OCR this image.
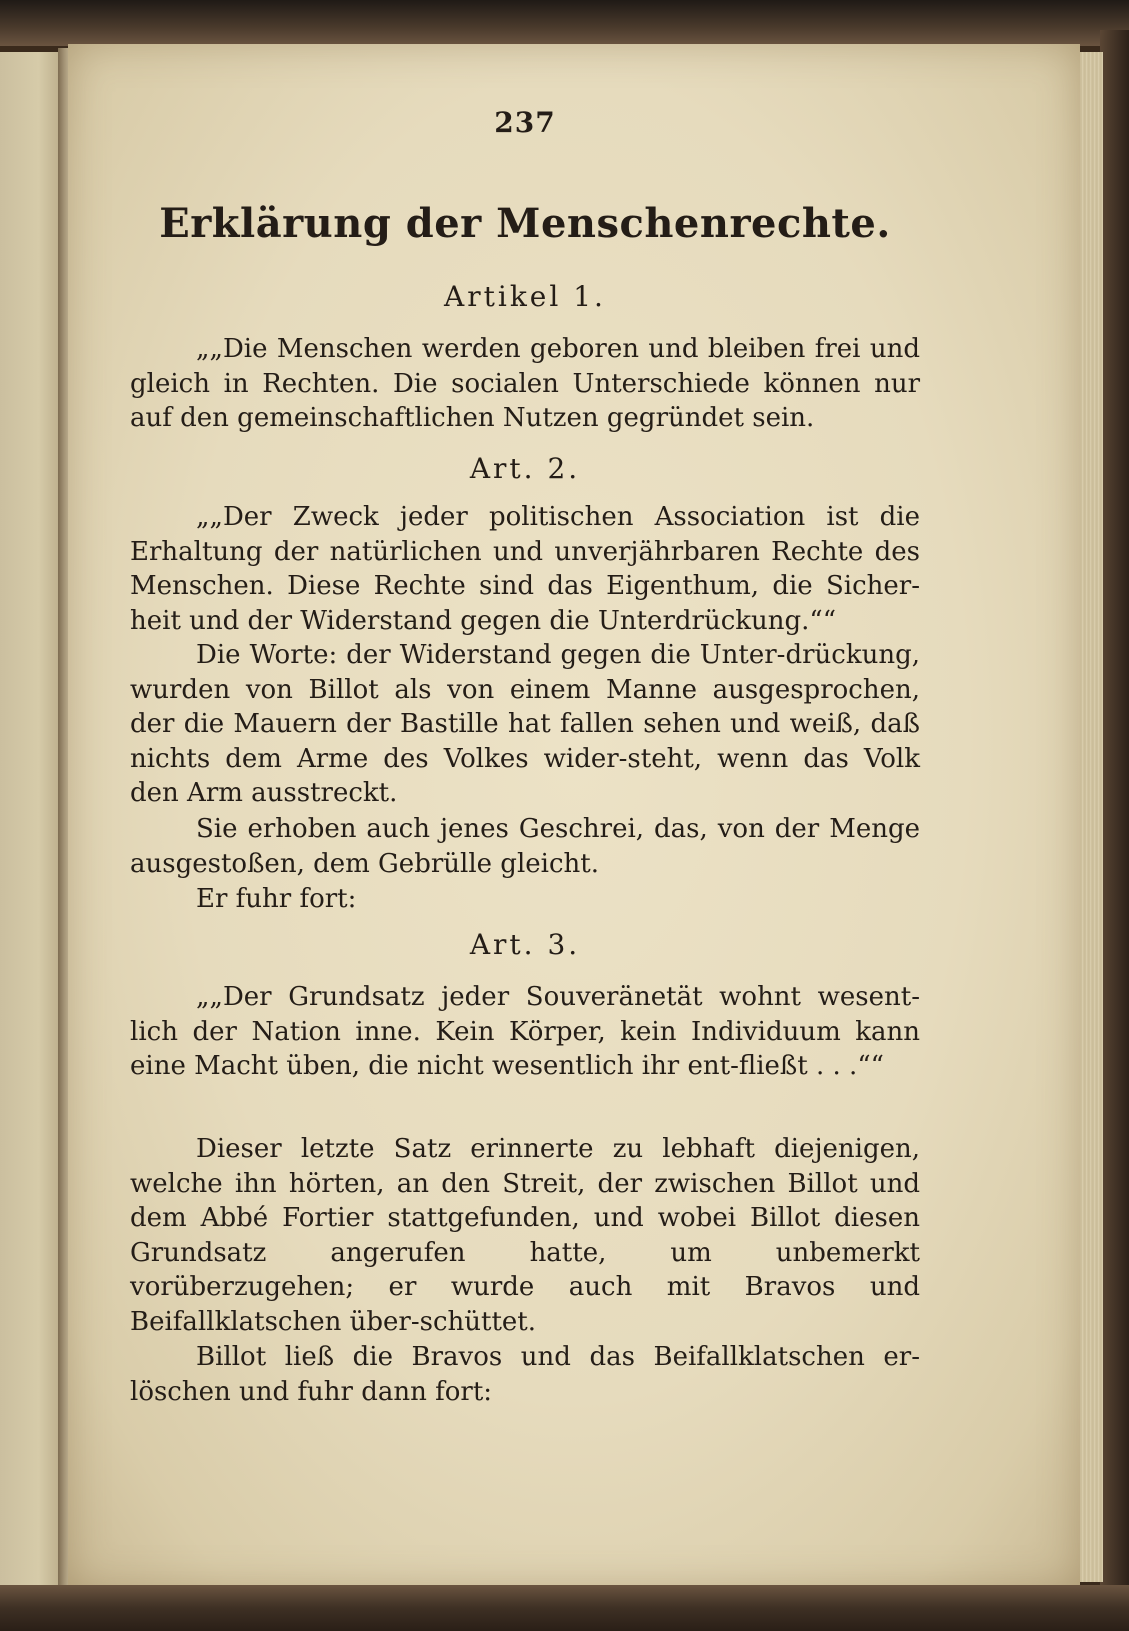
237
Erklärung der Menschenrechte.
Artikel 1.
„„Die Menschen werden geboren und bleiben frei und gleich in Rechten. Die socialen Unterschiede können nur auf den gemeinschaftlichen Nutzen gegründet sein.
Art. 2.
„„Der Zweck jeder politischen Association ist die Erhaltung der natürlichen und unverjährbaren Rechte des Menschen. Diese Rechte sind das Eigenthum, die Sicher-heit und der Widerstand gegen die Unterdrückung.““
Die Worte: der Widerstand gegen die Unter-drückung, wurden von Billot als von einem Manne ausgesprochen, der die Mauern der Bastille hat fallen sehen und weiß, daß nichts dem Arme des Volkes wider-steht, wenn das Volk den Arm ausstreckt.
Sie erhoben auch jenes Geschrei, das, von der Menge ausgestoßen, dem Gebrülle gleicht.
Er fuhr fort:
Art. 3.
„„Der Grundsatz jeder Souveränetät wohnt wesent-lich der Nation inne. Kein Körper, kein Individuum kann eine Macht üben, die nicht wesentlich ihr ent-fließt . . .““
Dieser letzte Satz erinnerte zu lebhaft diejenigen, welche ihn hörten, an den Streit, der zwischen Billot und dem Abbé Fortier stattgefunden, und wobei Billot diesen Grundsatz angerufen hatte, um unbemerkt vorüberzugehen; er wurde auch mit Bravos und Beifallklatschen über-schüttet.
Billot ließ die Bravos und das Beifallklatschen er-löschen und fuhr dann fort:
